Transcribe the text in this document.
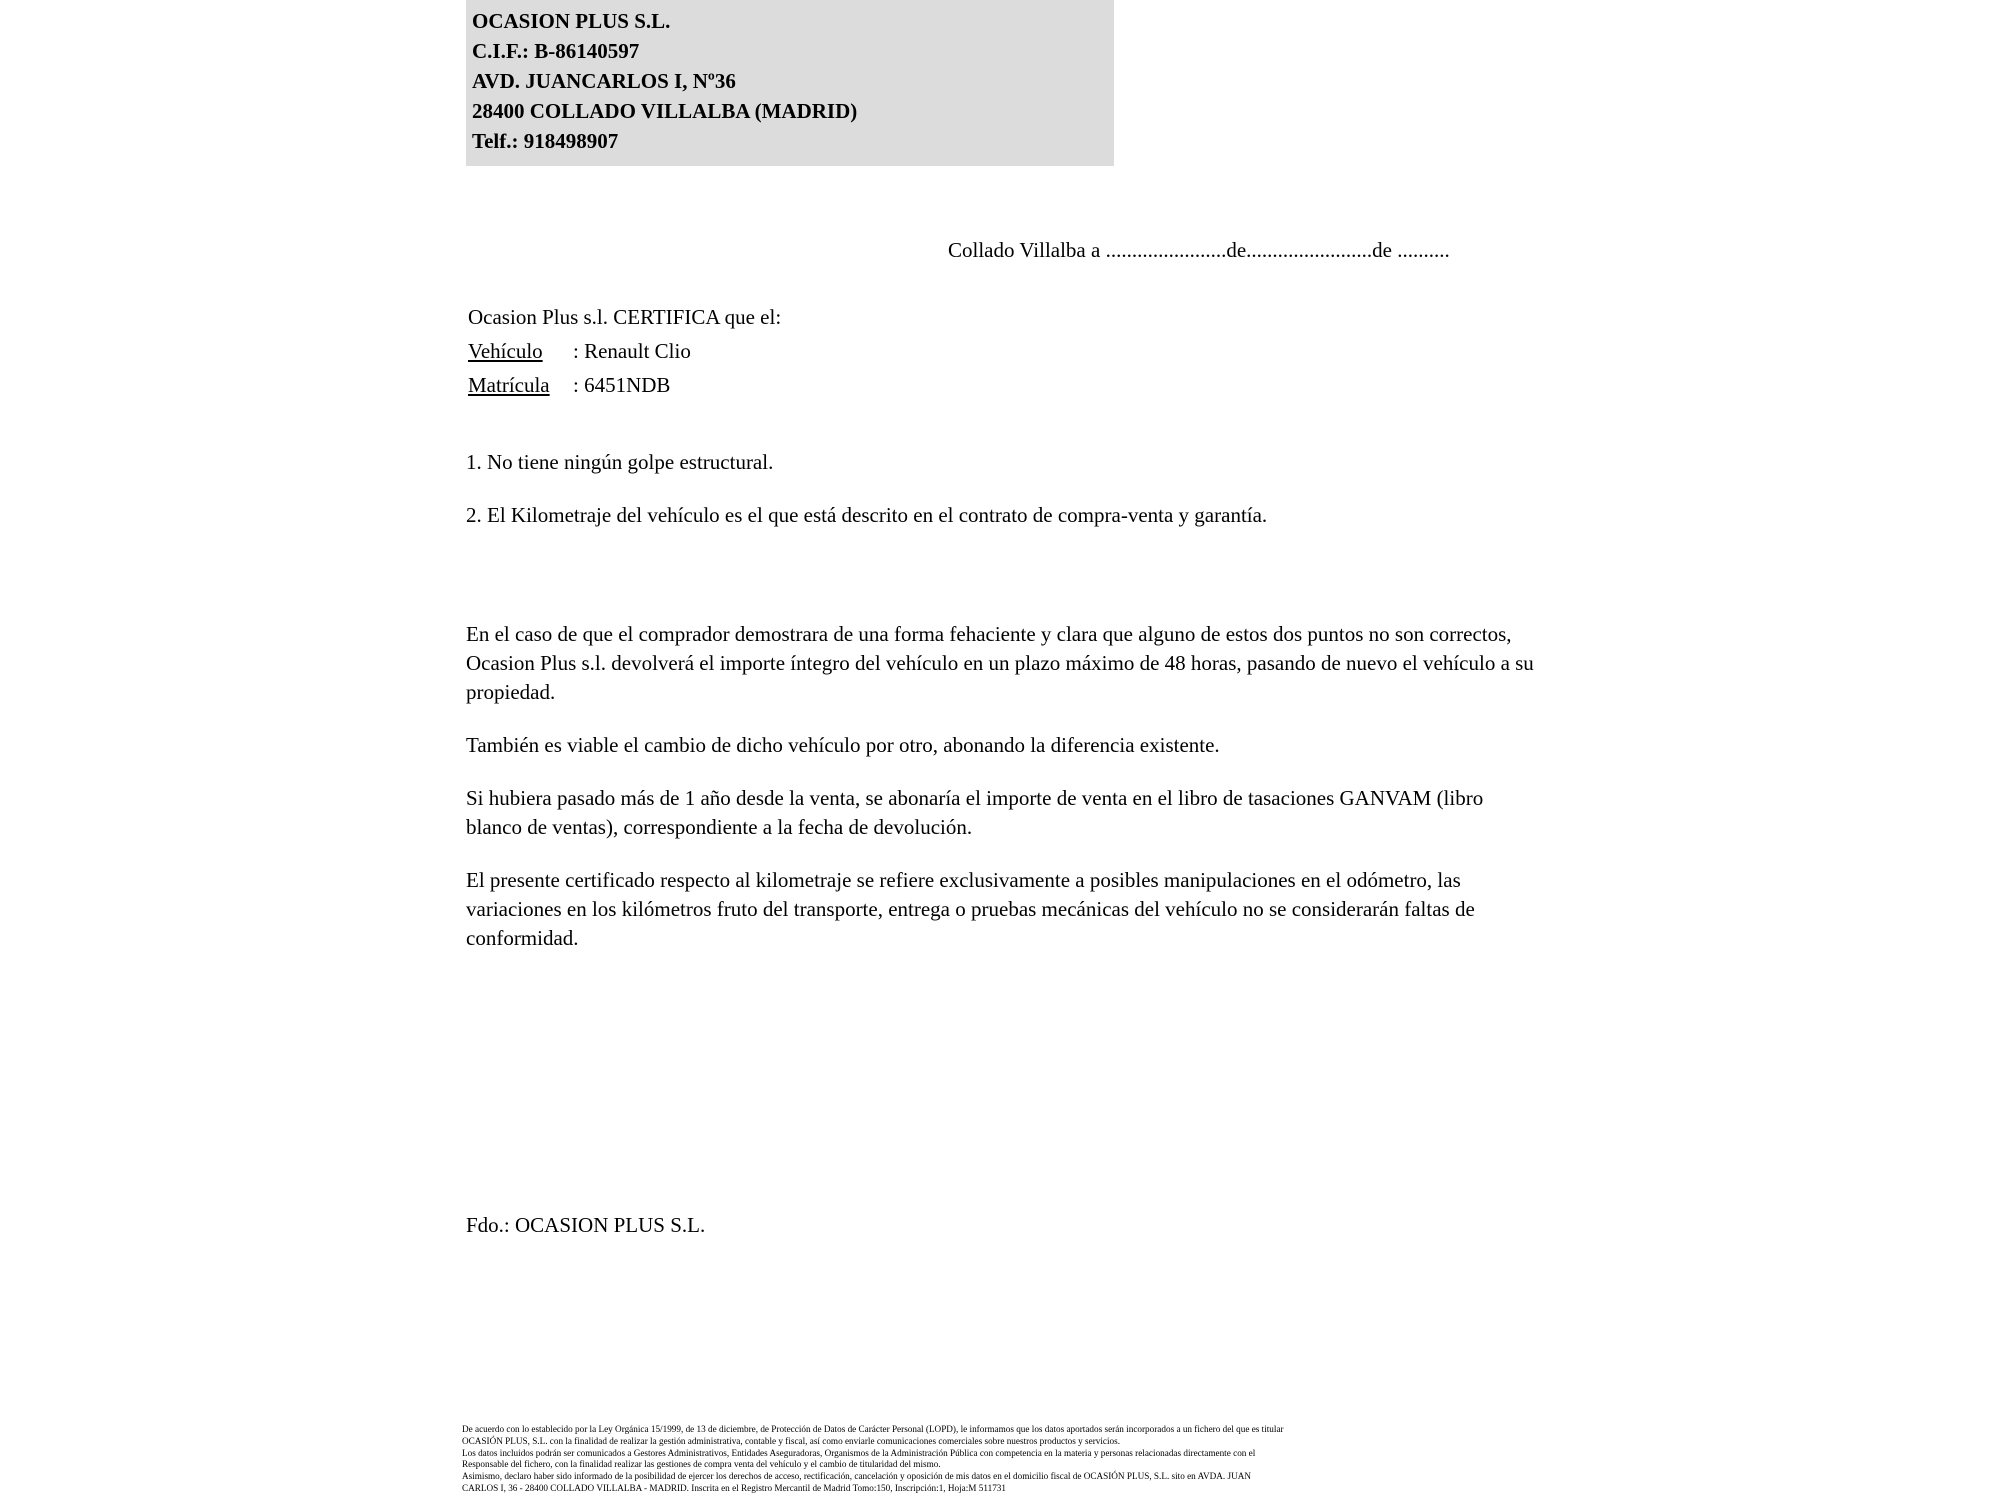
OCASION PLUS S.L.
C.I.F.: B-86140597
AVD. JUANCARLOS I, Nº36
28400 COLLADO VILLALBA (MADRID)
Telf.: 918498907
Collado Villalba a .......................de........................de ..........
Ocasion Plus s.l. CERTIFICA que el:
Vehículo : Renault Clio
Matrícula : 6451NDB
1. No tiene ningún golpe estructural.
2. El Kilometraje del vehículo es el que está descrito en el contrato de compra-venta y garantía.

En el caso de que el comprador demostrara de una forma fehaciente y clara que alguno de estos dos puntos no son correctos, Ocasion Plus s.l. devolverá el importe íntegro del vehículo en un plazo máximo de 48 horas, pasando de nuevo el vehículo a su propiedad.

También es viable el cambio de dicho vehículo por otro, abonando la diferencia existente.

Si hubiera pasado más de 1 año desde la venta, se abonaría el importe de venta en el libro de tasaciones GANVAM (libro blanco de ventas), correspondiente a la fecha de devolución.

El presente certificado respecto al kilometraje se refiere exclusivamente a posibles manipulaciones en el odómetro, las variaciones en los kilómetros fruto del transporte, entrega o pruebas mecánicas del vehículo no se considerarán faltas de conformidad.

Fdo.: OCASION PLUS S.L.

De acuerdo con lo establecido por la Ley Orgánica 15/1999, de 13 de diciembre, de Protección de Datos de Carácter Personal (LOPD), le informamos que los datos aportados serán incorporados a un fichero del que es titular

OCASIÓN PLUS, S.L. con la finalidad de realizar la gestión administrativa, contable y fiscal, así como enviarle comunicaciones comerciales sobre nuestros productos y servicios.

Los datos incluidos podrán ser comunicados a Gestores Administrativos, Entidades Aseguradoras, Organismos de la Administración Pública con competencia en la materia y personas relacionadas directamente con el

Responsable del fichero, con la finalidad realizar las gestiones de compra venta del vehículo y el cambio de titularidad del mismo.

Asimismo, declaro haber sido informado de la posibilidad de ejercer los derechos de acceso, rectificación, cancelación y oposición de mis datos en el domicilio fiscal de OCASIÓN PLUS, S.L. sito en AVDA. JUAN

CARLOS I, 36 - 28400 COLLADO VILLALBA - MADRID. Inscrita en el Registro Mercantil de Madrid Tomo:150, Inscripción:1, Hoja:M 511731
